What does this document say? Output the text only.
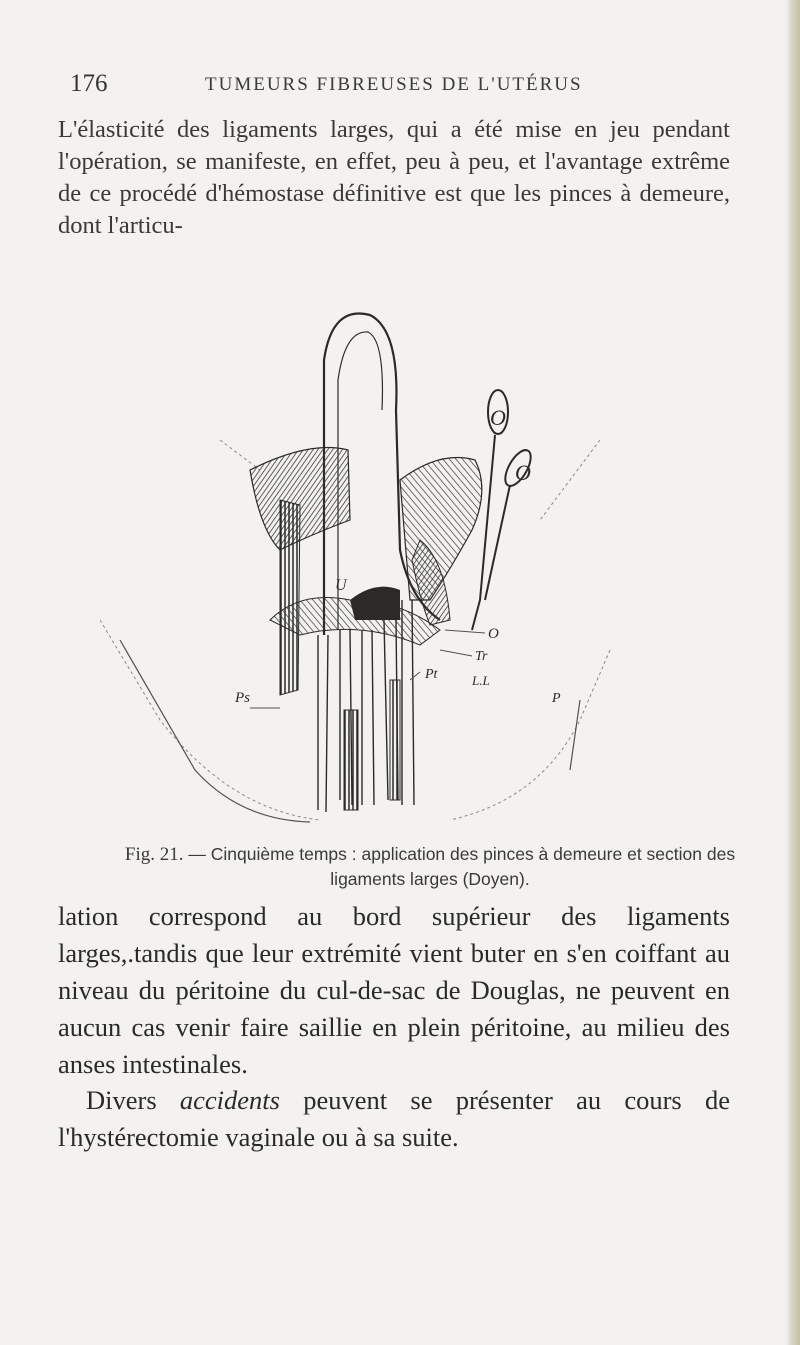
176	TUMEURS FIBREUSES DE L'UTÉRUS

L'élasticité des ligaments larges, qui a été mise en jeu pendant l'opération, se manifeste, en effet, peu à peu, et l'avantage extrême de ce procédé d'hémostase définitive est que les pinces à demeure, dont l'articu-

U
O
O
O
Tr
L.L
Ps
Pt
P
Fig. 21. — Cinquième temps : application des pinces à demeure et section des ligaments larges (Doyen).

lation correspond au bord supérieur des ligaments larges,.tandis que leur extrémité vient buter en s'en coiffant au niveau du péritoine du cul-de-sac de Douglas, ne peuvent en aucun cas venir faire saillie en plein péritoine, au milieu des anses intestinales.

Divers accidents peuvent se présenter au cours de l'hystérectomie vaginale ou à sa suite.
